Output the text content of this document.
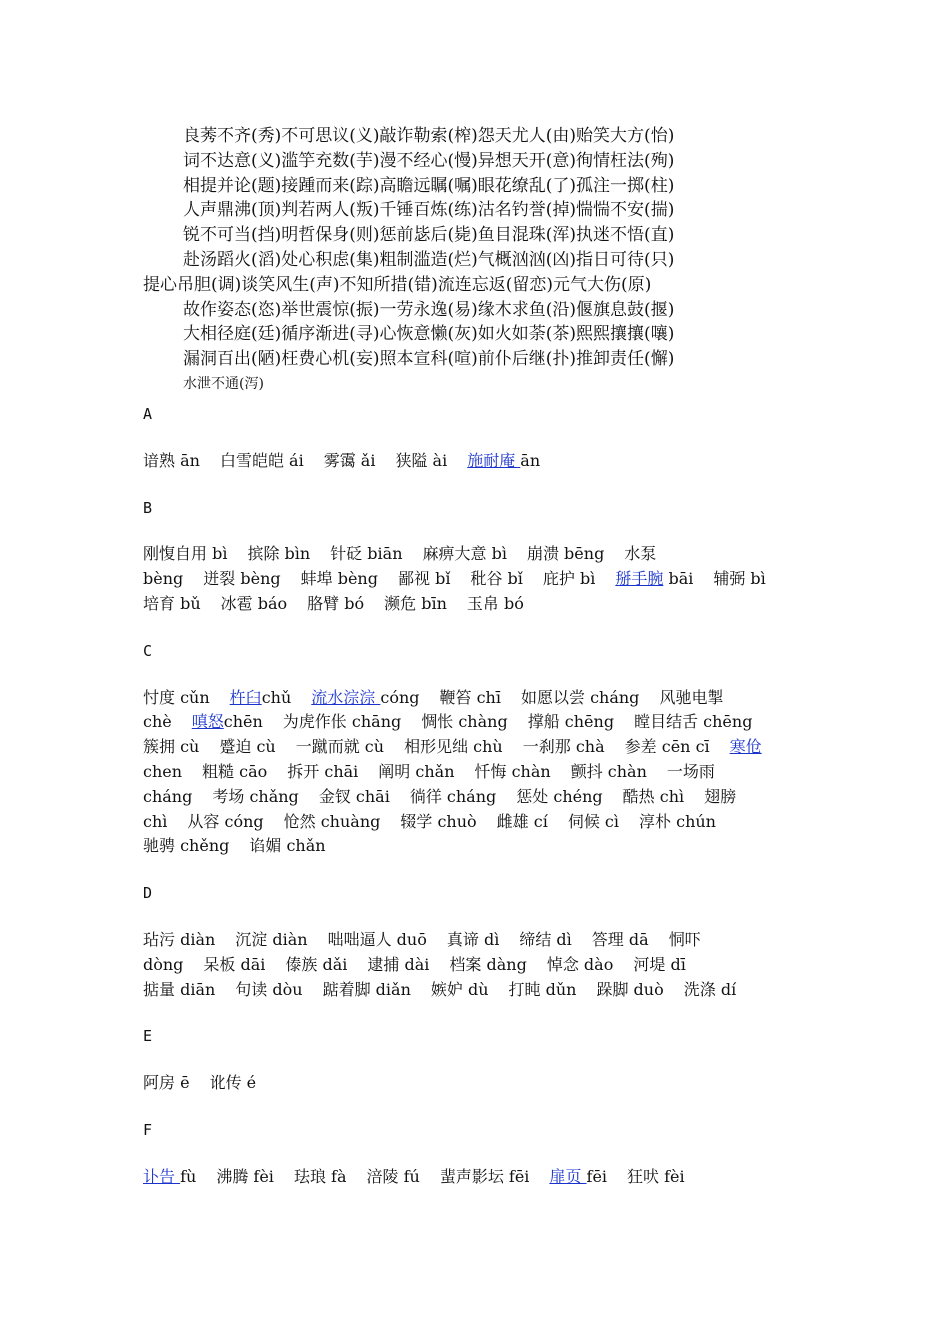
良莠不齐(秀)不可思议(义)敲诈勒索(榨)怨天尤人(由)贻笑大方(怡)
词不达意(义)滥竽充数(芋)漫不经心(慢)异想天开(意)徇情枉法(殉)
相提并论(题)接踵而来(踪)高瞻远瞩(嘱)眼花缭乱(了)孤注一掷(柱)
人声鼎沸(顶)判若两人(叛)千锤百炼(练)沽名钓誉(掉)惴惴不安(揣)
锐不可当(挡)明哲保身(则)惩前毖后(毙)鱼目混珠(浑)执迷不悟(直)
赴汤蹈火(滔)处心积虑(集)粗制滥造(烂)气概汹汹(凶)指日可待(只)
提心吊胆(调)谈笑风生(声)不知所措(错)流连忘返(留恋)元气大伤(原)
故作姿态(恣)举世震惊(振)一劳永逸(易)缘木求鱼(沿)偃旗息鼓(揠)
大相径庭(廷)循序渐进(寻)心恢意懒(灰)如火如荼(茶)熙熙攘攘(嚷)
漏洞百出(陋)枉费心机(妄)照本宣科(喧)前仆后继(扑)推卸责任(懈)
水泄不通(泻)
A
谙熟 ān 白雪皑皑 ái 雾霭 ǎi 狭隘 ài 施耐庵 ān
B
刚愎自用 bì 摈除 bìn 针砭 biān 麻痹大意 bì 崩溃 bēng 水泵
bèng 迸裂 bèng 蚌埠 bèng 鄙视 bǐ 秕谷 bǐ 庇护 bì 掰手腕 bāi 辅弼 bì
培育 bǔ 冰雹 báo 胳臂 bó 濒危 bīn 玉帛 bó
C
忖度 cǔn 杵臼chǔ 流水淙淙 cóng 鞭笞 chī 如愿以尝 cháng 风驰电掣
chè 嗔怒chēn 为虎作伥 chāng 惆怅 chàng 撑船 chēng 瞠目结舌 chēng
簇拥 cù 蹙迫 cù 一蹴而就 cù 相形见绌 chù 一刹那 chà 参差 cēn cī 寒伧
chen 粗糙 cāo 拆开 chāi 阐明 chǎn 忏悔 chàn 颤抖 chàn 一场雨
cháng 考场 chǎng 金钗 chāi 徜徉 cháng 惩处 chéng 酷热 chì 翅膀
chì 从容 cóng 怆然 chuàng 辍学 chuò 雌雄 cí 伺候 cì 淳朴 chún
驰骋 chěng 谄媚 chǎn
D
玷污 diàn 沉淀 diàn 咄咄逼人 duō 真谛 dì 缔结 dì 答理 dā 恫吓
dòng 呆板 dāi 傣族 dǎi 逮捕 dài 档案 dàng 悼念 dào 河堤 dī
掂量 diān 句读 dòu 踮着脚 diǎn 嫉妒 dù 打盹 dǔn 跺脚 duò 洗涤 dí
E
阿房 ē 讹传 é
F
讣告 fù 沸腾 fèi 珐琅 fà 涪陵 fú 蜚声影坛 fēi 扉页 fēi 狂吠 fèi
